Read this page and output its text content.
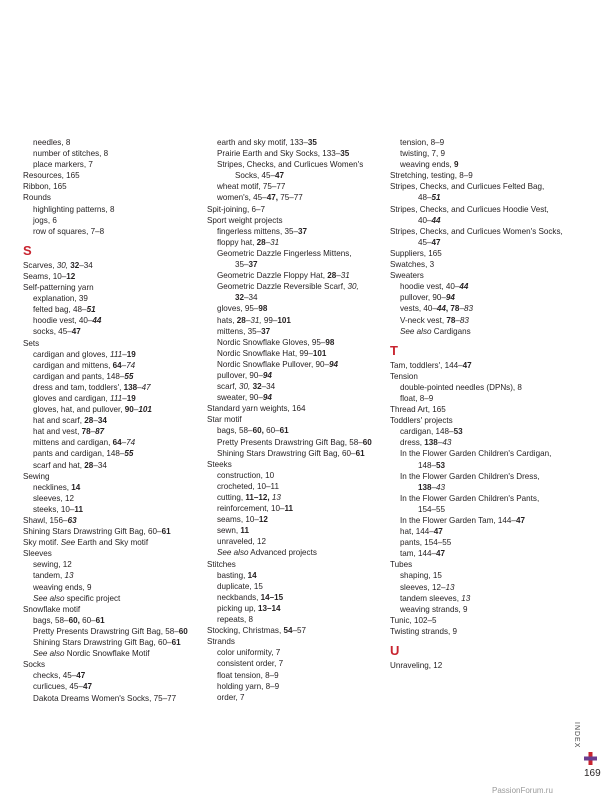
needles, 8
number of stitches, 8
place markers, 7
Resources, 165
Ribbon, 165
Rounds
highlighting patterns, 8
jogs, 6
row of squares, 7–8
S
Scarves, 30, 32–34
Seams, 10–12
Self-patterning yarn
explanation, 39
felted bag, 48–51
hoodie vest, 40–44
socks, 45–47
Sets
cardigan and gloves, 111–19
cardigan and mittens, 64–74
cardigan and pants, 148–55
dress and tam, toddlers', 138–47
gloves and cardigan, 111–19
gloves, hat, and pullover, 90–101
hat and scarf, 28–34
hat and vest, 78–87
mittens and cardigan, 64–74
pants and cardigan, 148–55
scarf and hat, 28–34
Sewing
necklines, 14
sleeves, 12
steeks, 10–11
Shawl, 156–63
Shining Stars Drawstring Gift Bag, 60–61
Sky motif. See Earth and Sky motif
Sleeves
sewing, 12
tandem, 13
weaving ends, 9
See also specific project
Snowflake motif
bags, 58–60, 60–61
Pretty Presents Drawstring Gift Bag, 58–60
Shining Stars Drawstring Gift Bag, 60–61
See also Nordic Snowflake Motif
Socks
checks, 45–47
curlicues, 45–47
Dakota Dreams Women's Socks, 75–77
earth and sky motif, 133–35
Prairie Earth and Sky Socks, 133–35
Stripes, Checks, and Curlicues Women's
Socks, 45–47
wheat motif, 75–77
women's, 45–47, 75–77
Spit-joining, 6–7
Sport weight projects
fingerless mittens, 35–37
floppy hat, 28–31
Geometric Dazzle Fingerless Mittens,
35–37
Geometric Dazzle Floppy Hat, 28–31
Geometric Dazzle Reversible Scarf, 30,
32–34
gloves, 95–98
hats, 28–31, 99–101
mittens, 35–37
Nordic Snowflake Gloves, 95–98
Nordic Snowflake Hat, 99–101
Nordic Snowflake Pullover, 90–94
pullover, 90–94
scarf, 30, 32–34
sweater, 90–94
Standard yarn weights, 164
Star motif
bags, 58–60, 60–61
Pretty Presents Drawstring Gift Bag, 58–60
Shining Stars Drawstring Gift Bag, 60–61
Steeks
construction, 10
crocheted, 10–11
cutting, 11–12, 13
reinforcement, 10–11
seams, 10–12
sewn, 11
unraveled, 12
See also Advanced projects
Stitches
basting, 14
duplicate, 15
neckbands, 14–15
picking up, 13–14
repeats, 8
Stocking, Christmas, 54–57
Strands
color uniformity, 7
consistent order, 7
float tension, 8–9
holding yarn, 8–9
order, 7
tension, 8–9
twisting, 7, 9
weaving ends, 9
Stretching, testing, 8–9
Stripes, Checks, and Curlicues Felted Bag,
48–51
Stripes, Checks, and Curlicues Hoodie Vest,
40–44
Stripes, Checks, and Curlicues Women's Socks,
45–47
Suppliers, 165
Swatches, 3
Sweaters
hoodie vest, 40–44
pullover, 90–94
vests, 40–44, 78–83
V-neck vest, 78–83
See also Cardigans
T
Tam, toddlers', 144–47
Tension
double-pointed needles (DPNs), 8
float, 8–9
Thread Art, 165
Toddlers' projects
cardigan, 148–53
dress, 138–43
In the Flower Garden Children's Cardigan,
148–53
In the Flower Garden Children's Dress,
138–43
In the Flower Garden Children's Pants,
154–55
In the Flower Garden Tam, 144–47
hat, 144–47
pants, 154–55
tam, 144–47
Tubes
shaping, 15
sleeves, 12–13
tandem sleeves, 13
weaving strands, 9
Tunic, 102–5
Twisting strands, 9
U
Unraveling, 12
INDEX
169
PassionForum.ru
